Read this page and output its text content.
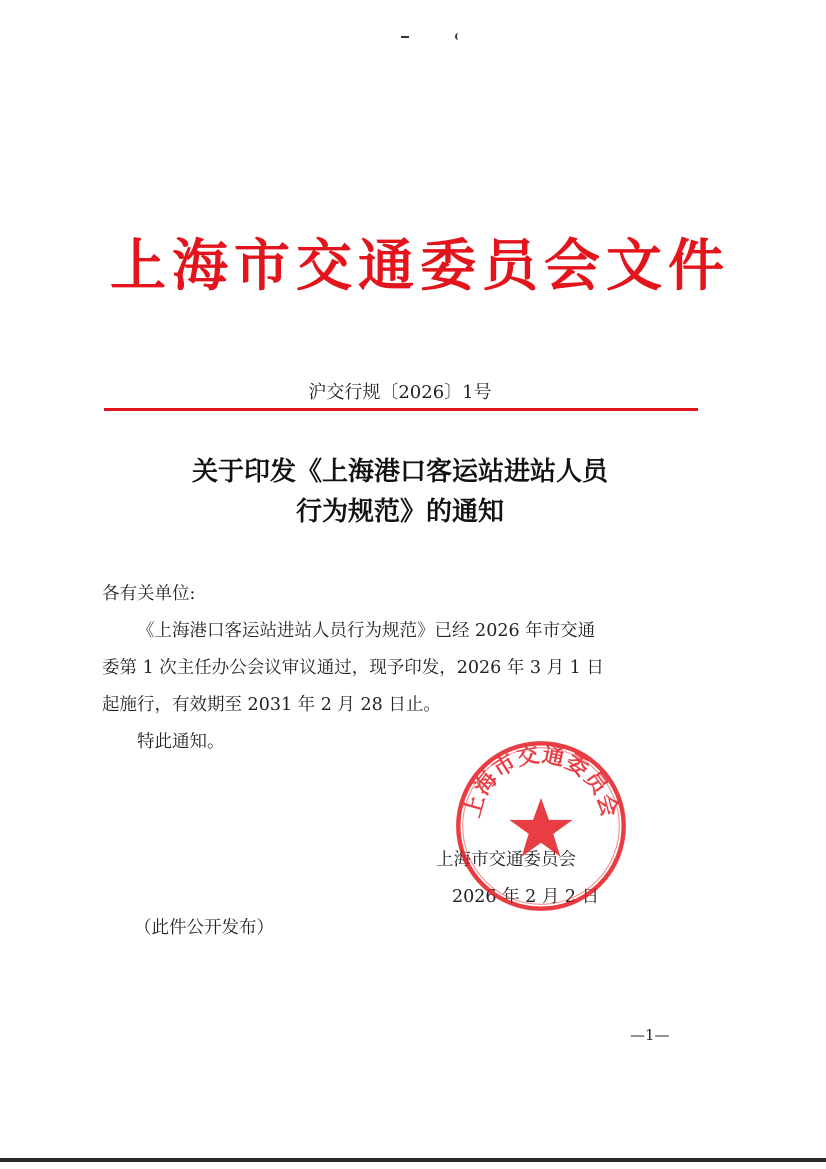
上海市交通委员会文件
沪交行规〔2026〕1号
关于印发《上海港口客运站进站人员
行为规范》的通知

各有关单位:

《上海港口客运站进站人员行为规范》已经 2026 年市交通

委第 1 次主任办公会议审议通过，现予印发，2026 年 3 月 1 日

起施行，有效期至 2031 年 2 月 28 日止。

特此通知。

上海市交通委员会
2026 年 2 月 2 日
上海市交通委员会
（此件公开发布）
—1—
